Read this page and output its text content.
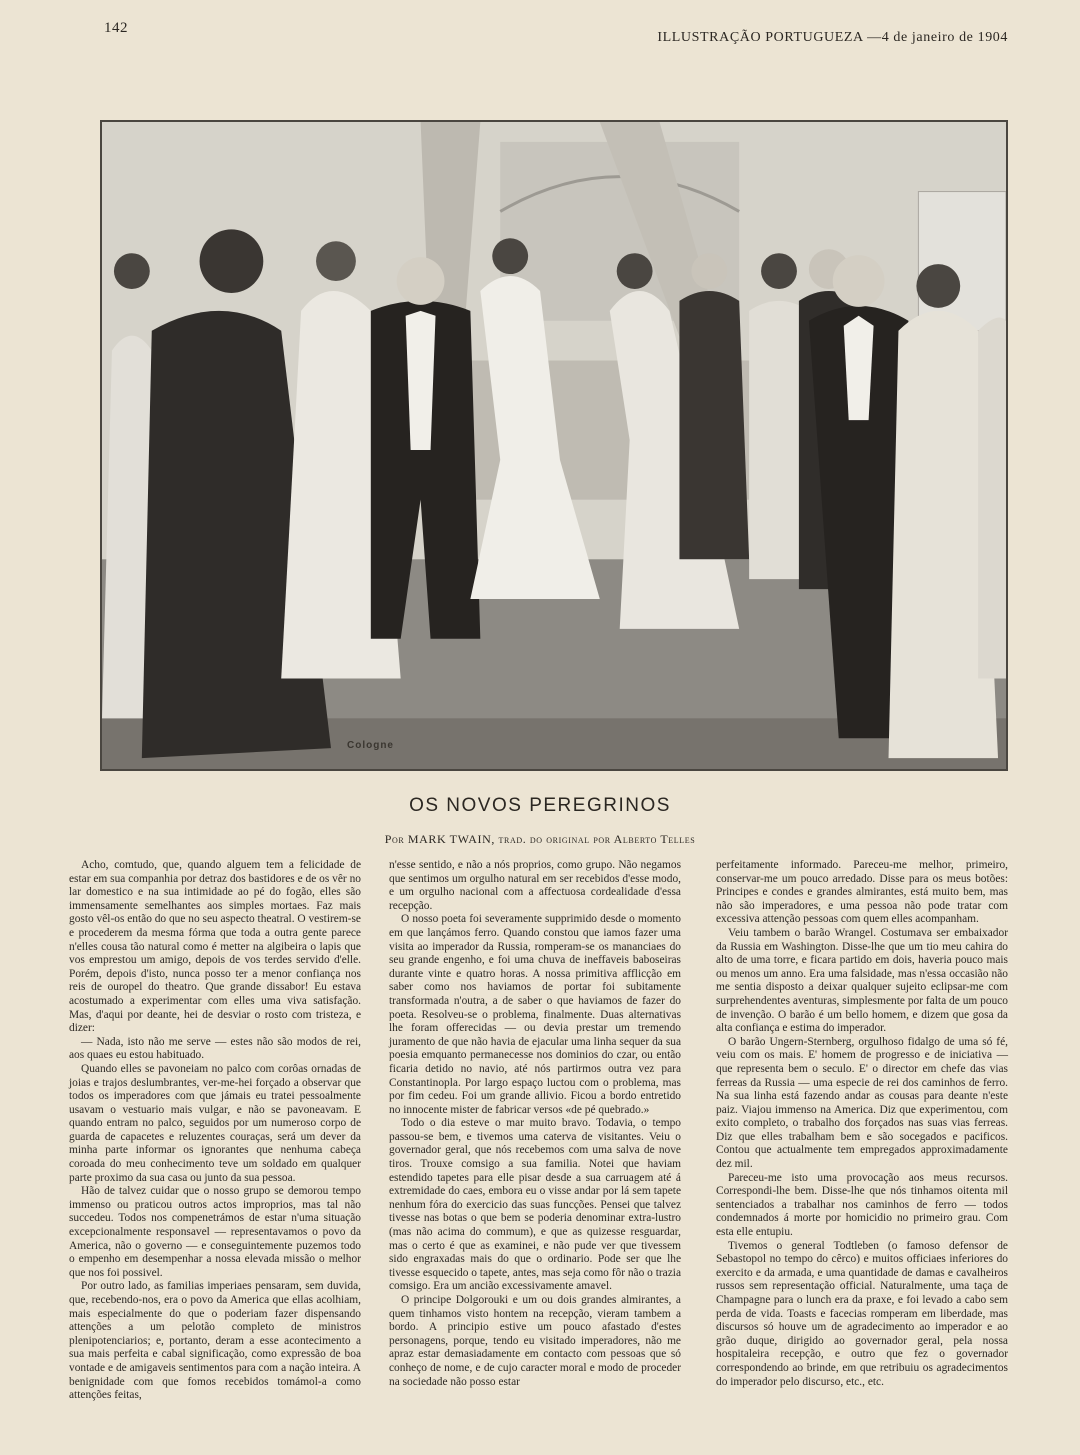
142
ILLUSTRAÇÃO PORTUGUEZA —4 de janeiro de 1904
Cologne
OS NOVOS PEREGRINOS
Por MARK TWAIN, trad. do original por Alberto Telles

Acho, comtudo, que, quando alguem tem a felicidade de estar em sua companhia por detraz dos bastidores e de os vêr no lar domestico e na sua intimidade ao pé do fogão, elles são immensamente semelhantes aos simples mortaes. Faz mais gosto vêl-os então do que no seu aspecto theatral. O vestirem-se e procederem da mesma fórma que toda a outra gente parece n'elles cousa tão natural como é metter na algibeira o lapis que vos emprestou um amigo, depois de vos terdes servido d'elle. Porém, depois d'isto, nunca posso ter a menor confiança nos reis de ouropel do theatro. Que grande dissabor! Eu estava acostumado a experimentar com elles uma viva satisfação. Mas, d'aqui por deante, hei de desviar o rosto com tristeza, e dizer:

— Nada, isto não me serve — estes não são modos de rei, aos quaes eu estou habituado.

Quando elles se pavoneiam no palco com corôas ornadas de joias e trajos deslumbrantes, ver-me-hei forçado a observar que todos os imperadores com que jámais eu tratei pessoalmente usavam o vestuario mais vulgar, e não se pavoneavam. E quando entram no palco, seguidos por um numeroso corpo de guarda de capacetes e reluzentes couraças, será um dever da minha parte informar os ignorantes que nenhuma cabeça coroada do meu conhecimento teve um soldado em qualquer parte proximo da sua casa ou junto da sua pessoa.

Hão de talvez cuidar que o nosso grupo se demorou tempo immenso ou praticou outros actos improprios, mas tal não succedeu. Todos nos compenetrámos de estar n'uma situação excepcionalmente responsavel — representavamos o povo da America, não o governo — e conseguintemente puzemos todo o empenho em desempenhar a nossa elevada missão o melhor que nos foi possivel.

Por outro lado, as familias imperiaes pensaram, sem duvida, que, recebendo-nos, era o povo da America que ellas acolhiam, mais especialmente do que o poderiam fazer dispensando attenções a um pelotão completo de ministros plenipotenciarios; e, portanto, deram a esse acontecimento a sua mais perfeita e cabal significação, como expressão de boa vontade e de amigaveis sentimentos para com a nação inteira. A benignidade com que fomos recebidos tomámol-a como attenções feitas,

n'esse sentido, e não a nós proprios, como grupo. Não negamos que sentimos um orgulho natural em ser recebidos d'esse modo, e um orgulho nacional com a affectuosa cordealidade d'essa recepção.

O nosso poeta foi severamente supprimido desde o momento em que lançámos ferro. Quando constou que iamos fazer uma visita ao imperador da Russia, romperam-se os mananciaes do seu grande engenho, e foi uma chuva de ineffaveis baboseiras durante vinte e quatro horas. A nossa primitiva afflicção em saber como nos haviamos de portar foi subitamente transformada n'outra, a de saber o que haviamos de fazer do poeta. Resolveu-se o problema, finalmente. Duas alternativas lhe foram offerecidas — ou devia prestar um tremendo juramento de que não havia de ejacular uma linha sequer da sua poesia emquanto permanecesse nos dominios do czar, ou então ficaria detido no navio, até nós partirmos outra vez para Constantinopla. Por largo espaço luctou com o problema, mas por fim cedeu. Foi um grande allivio. Ficou a bordo entretido no innocente mister de fabricar versos «de pé quebrado.»

Todo o dia esteve o mar muito bravo. Todavia, o tempo passou-se bem, e tivemos uma caterva de visitantes. Veiu o governador geral, que nós recebemos com uma salva de nove tiros. Trouxe comsigo a sua familia. Notei que haviam estendido tapetes para elle pisar desde a sua carruagem até á extremidade do caes, embora eu o visse andar por lá sem tapete nenhum fóra do exercicio das suas funcções. Pensei que talvez tivesse nas botas o que bem se poderia denominar extra-lustro (mas não acima do commum), e que as quizesse resguardar, mas o certo é que as examinei, e não pude ver que tivessem sido engraxadas mais do que o ordinario. Pode ser que lhe tivesse esquecido o tapete, antes, mas seja como fôr não o trazia comsigo. Era um ancião excessivamente amavel.

O principe Dolgorouki e um ou dois grandes almirantes, a quem tinhamos visto hontem na recepção, vieram tambem a bordo. A principio estive um pouco afastado d'estes personagens, porque, tendo eu visitado imperadores, não me apraz estar demasiadamente em contacto com pessoas que só conheço de nome, e de cujo caracter moral e modo de proceder na sociedade não posso estar

perfeitamente informado. Pareceu-me melhor, primeiro, conservar-me um pouco arredado. Disse para os meus botões: Principes e condes e grandes almirantes, está muito bem, mas não são imperadores, e uma pessoa não pode tratar com excessiva attenção pessoas com quem elles acompanham.

Veiu tambem o barão Wrangel. Costumava ser embaixador da Russia em Washington. Disse-lhe que um tio meu cahira do alto de uma torre, e ficara partido em dois, haveria pouco mais ou menos um anno. Era uma falsidade, mas n'essa occasião não me sentia disposto a deixar qualquer sujeito eclipsar-me com surprehendentes aventuras, simplesmente por falta de um pouco de invenção. O barão é um bello homem, e dizem que gosa da alta confiança e estima do imperador.

O barão Ungern-Sternberg, orgulhoso fidalgo de uma só fé, veiu com os mais. E' homem de progresso e de iniciativa — que representa bem o seculo. E' o director em chefe das vias ferreas da Russia — uma especie de rei dos caminhos de ferro. Na sua linha está fazendo andar as cousas para deante n'este paiz. Viajou immenso na America. Diz que experimentou, com exito completo, o trabalho dos forçados nas suas vias ferreas. Diz que elles trabalham bem e são socegados e pacificos. Contou que actualmente tem empregados approximadamente dez mil.

Pareceu-me isto uma provocação aos meus recursos. Correspondi-lhe bem. Disse-lhe que nós tinhamos oitenta mil sentenciados a trabalhar nos caminhos de ferro — todos condemnados á morte por homicidio no primeiro grau. Com esta elle entupiu.

Tivemos o general Todtleben (o famoso defensor de Sebastopol no tempo do cêrco) e muitos officiaes inferiores do exercito e da armada, e uma quantidade de damas e cavalheiros russos sem representação official. Naturalmente, uma taça de Champagne para o lunch era da praxe, e foi levado a cabo sem perda de vida. Toasts e facecias romperam em liberdade, mas discursos só houve um de agradecimento ao imperador e ao grão duque, dirigido ao governador geral, pela nossa hospitaleira recepção, e outro que fez o governador correspondendo ao brinde, em que retribuiu os agradecimentos do imperador pelo discurso, etc., etc.
